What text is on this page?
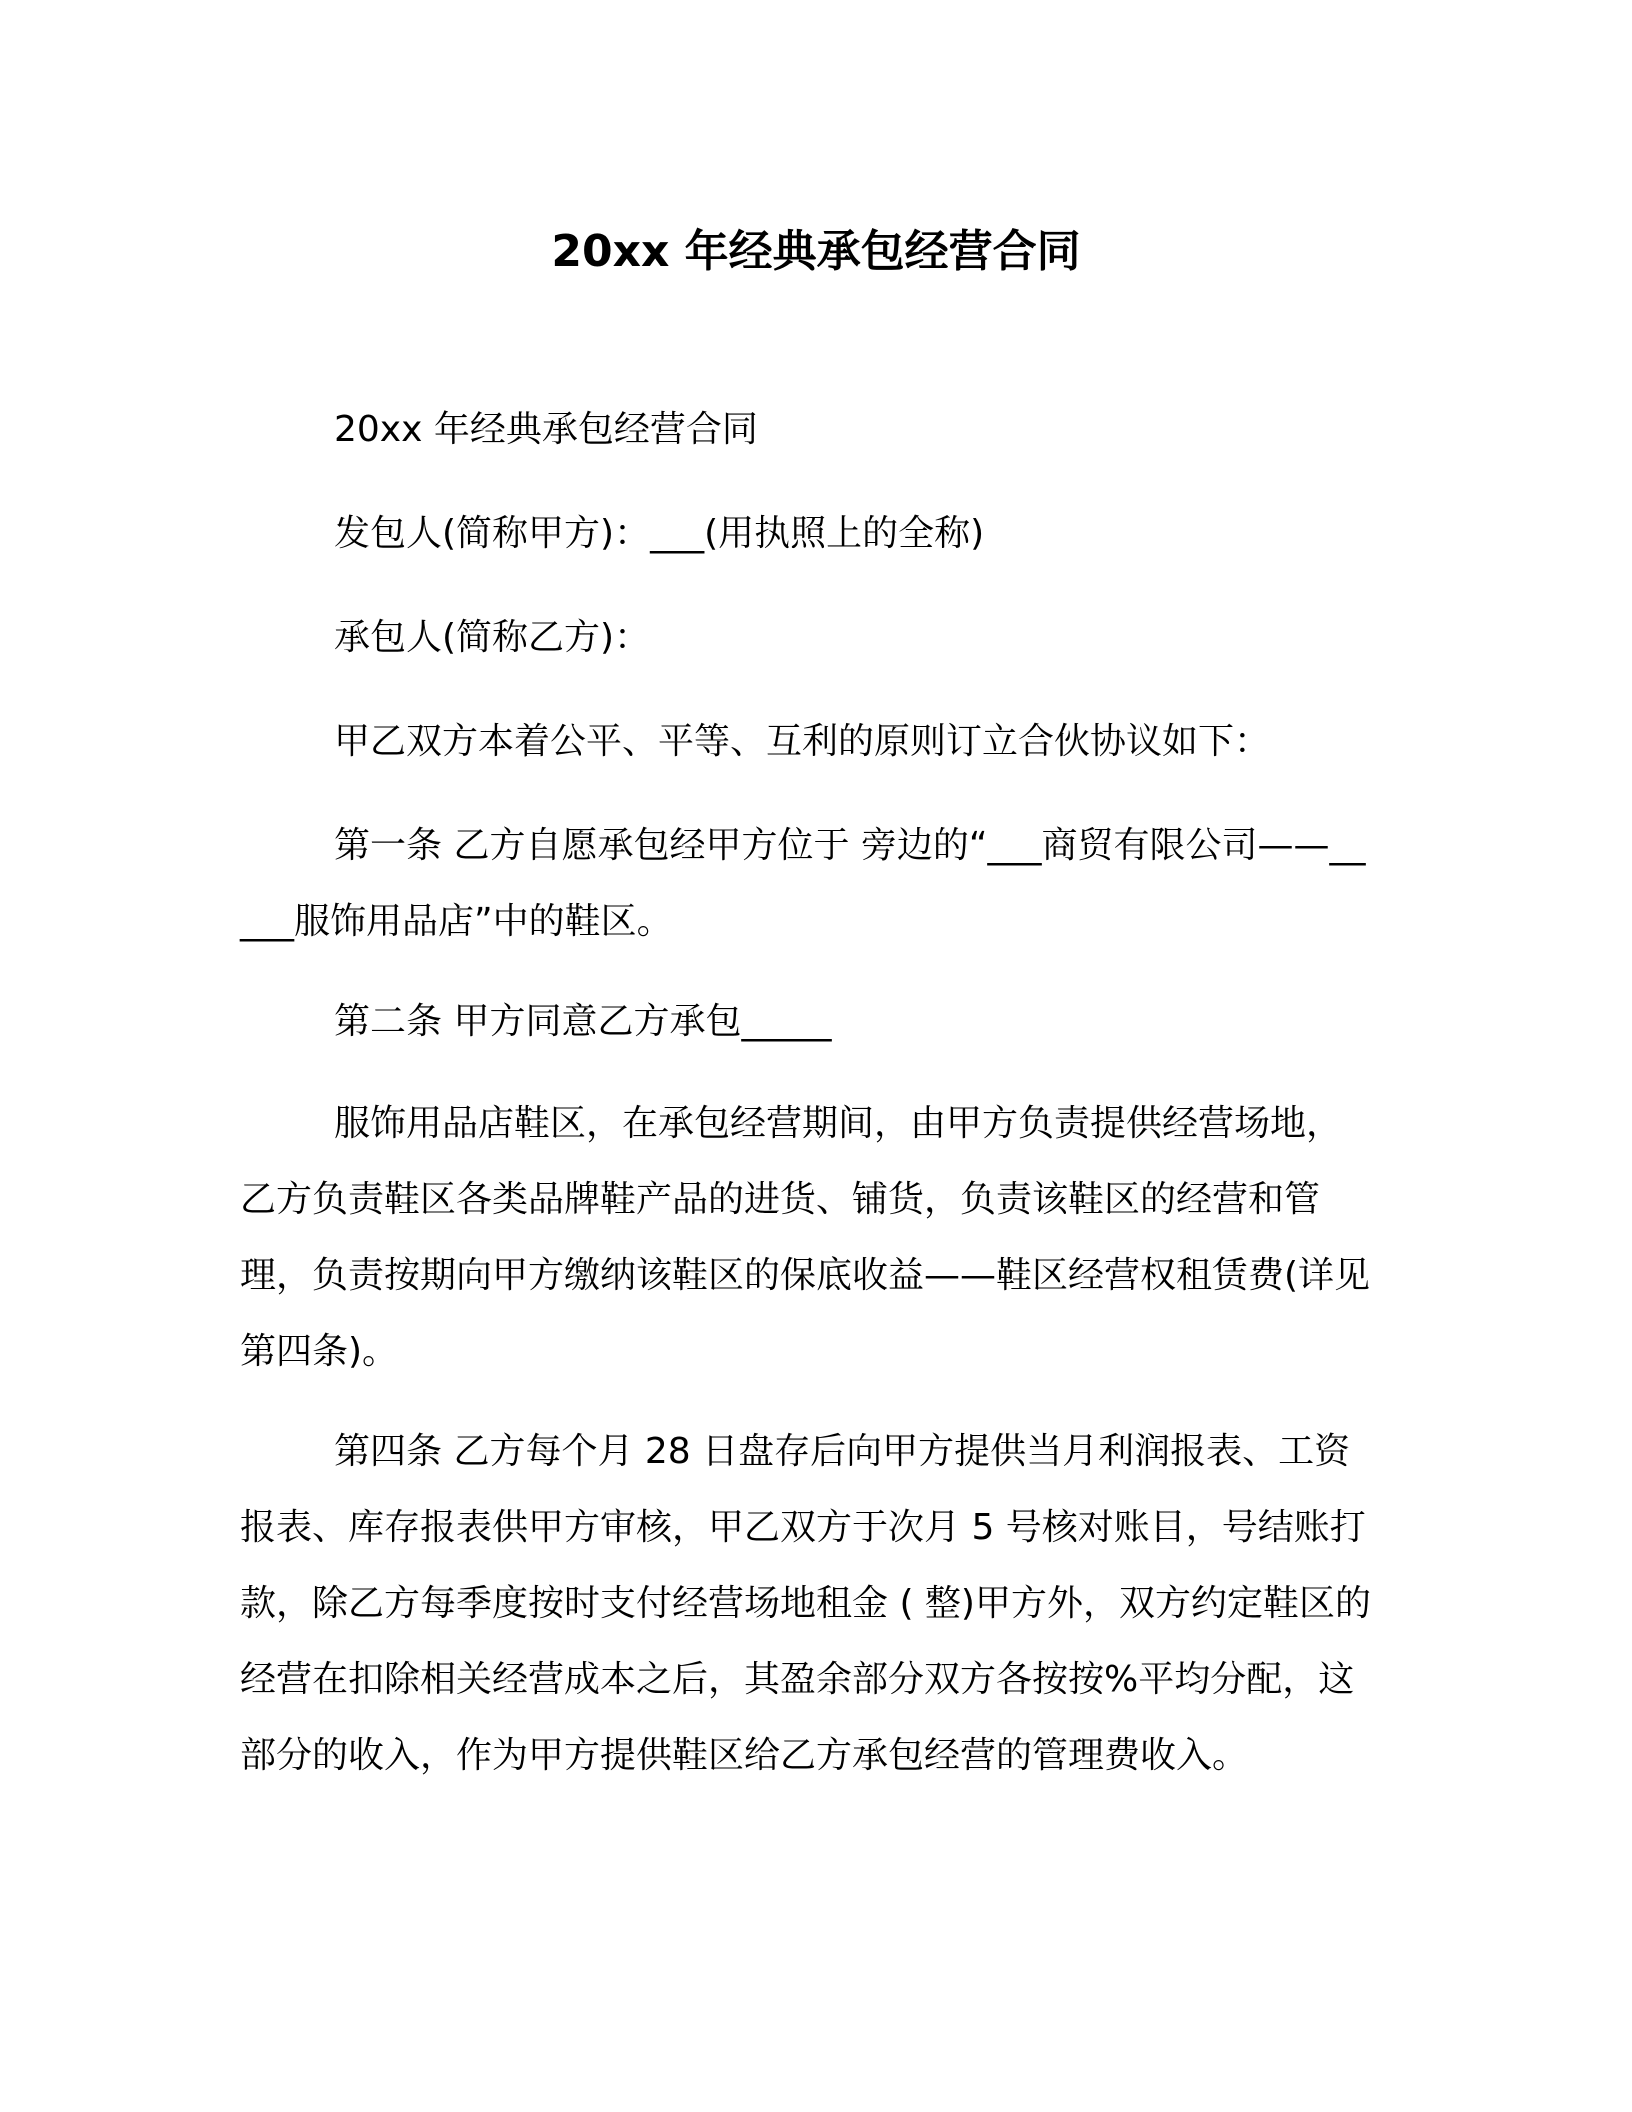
20xx 年经典承包经营合同

20xx 年经典承包经营合同

发包人(简称甲方)：___(用执照上的全称)

承包人(简称乙方)：

甲乙双方本着公平、平等、互利的原则订立合伙协议如下：

第一条 乙方自愿承包经甲方位于 旁边的“___商贸有限公司——_____服饰用品店”中的鞋区。

第二条 甲方同意乙方承包_____

服饰用品店鞋区，在承包经营期间，由甲方负责提供经营场地，乙方负责鞋区各类品牌鞋产品的进货、铺货，负责该鞋区的经营和管理，负责按期向甲方缴纳该鞋区的保底收益——鞋区经营权租赁费(详见第四条)。

第四条 乙方每个月 28 日盘存后向甲方提供当月利润报表、工资报表、库存报表供甲方审核，甲乙双方于次月 5 号核对账目，号结账打款，除乙方每季度按时支付经营场地租金 ( 整)甲方外，双方约定鞋区的经营在扣除相关经营成本之后，其盈余部分双方各按按%平均分配，这部分的收入，作为甲方提供鞋区给乙方承包经营的管理费收入。
